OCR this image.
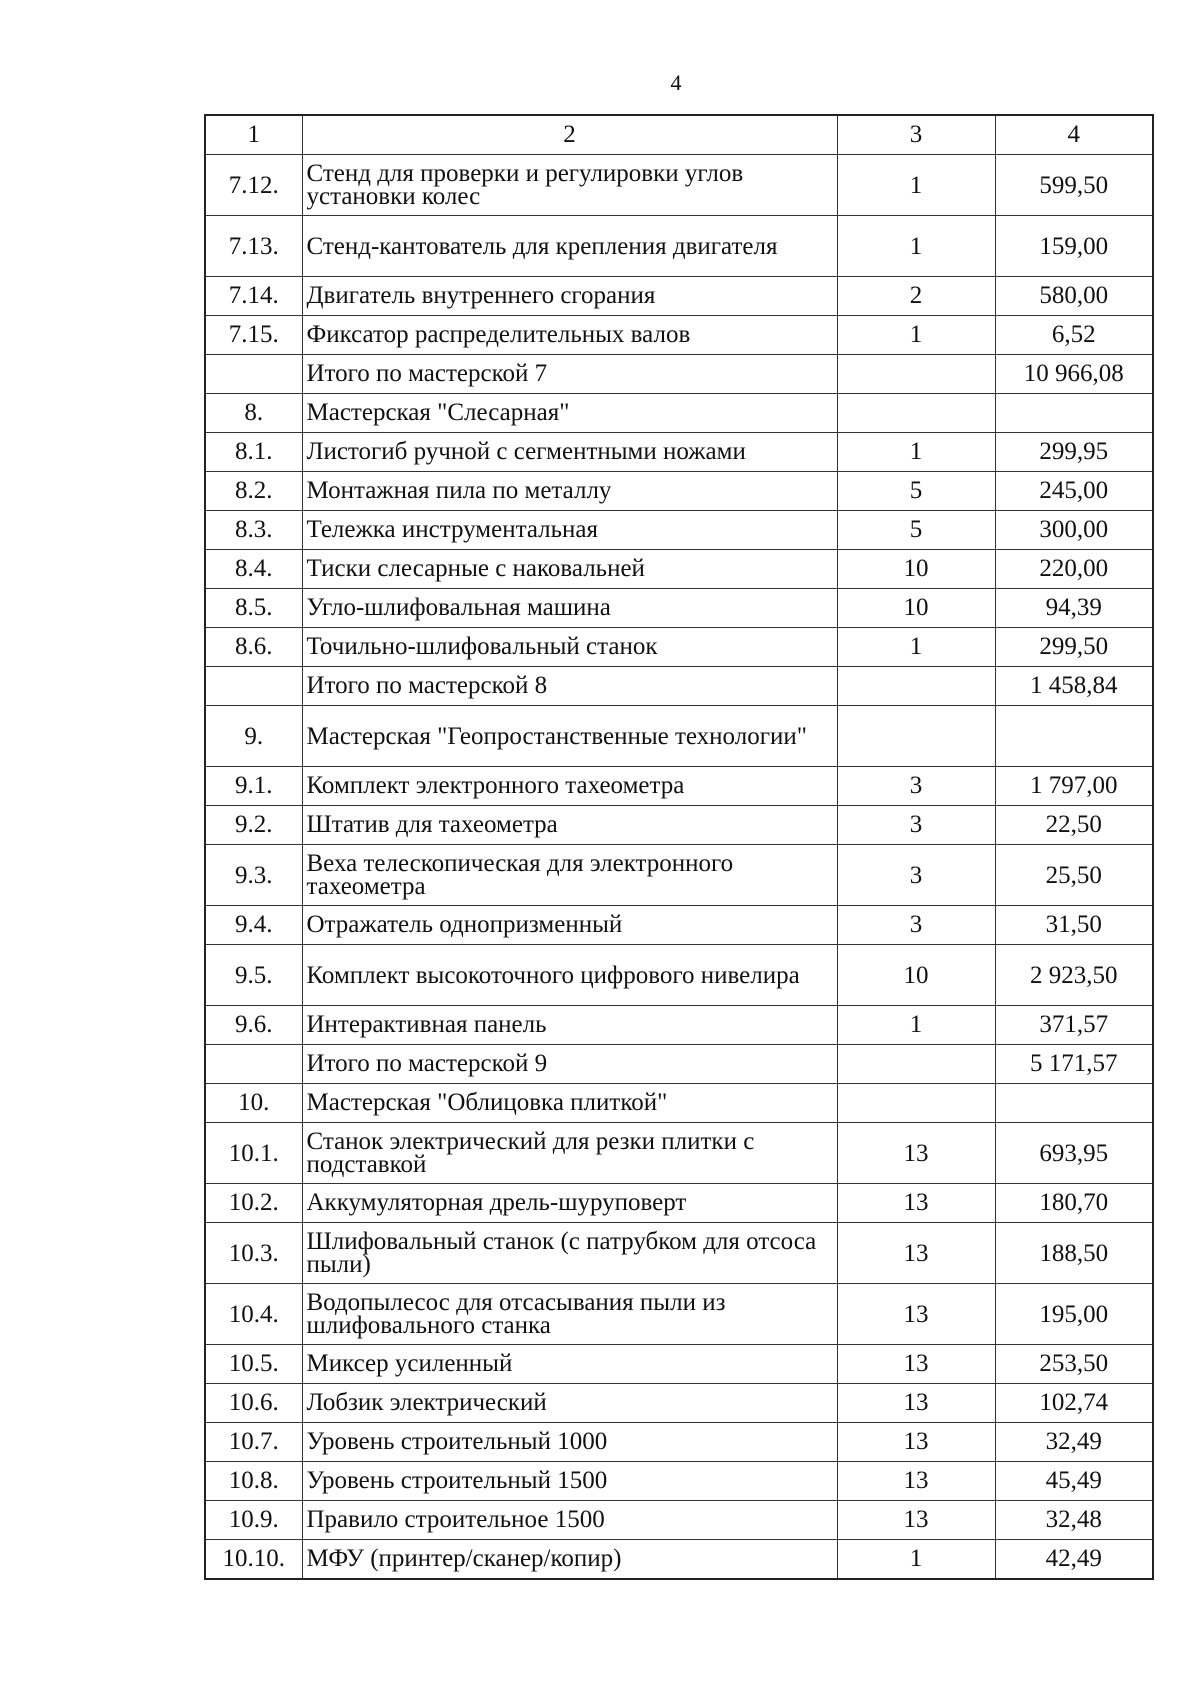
4
1	2	3	4
7.12.	Стенд для проверки и регулировки углов установки колес	1	599,50
7.13.	Стенд-кантователь для крепления двигателя	1	159,00
7.14.	Двигатель внутреннего сгорания	2	580,00
7.15.	Фиксатор распределительных валов	1	6,52
	Итого по мастерской 7		10 966,08
8.	Мастерская "Слесарная"		
8.1.	Листогиб ручной с сегментными ножами	1	299,95
8.2.	Монтажная пила по металлу	5	245,00
8.3.	Тележка инструментальная	5	300,00
8.4.	Тиски слесарные с наковальней	10	220,00
8.5.	Угло-шлифовальная машина	10	94,39
8.6.	Точильно-шлифовальный станок	1	299,50
	Итого по мастерской 8		1 458,84
9.	Мастерская "Геопростанственные технологии"		
9.1.	Комплект электронного тахеометра	3	1 797,00
9.2.	Штатив для тахеометра	3	22,50
9.3.	Веха телескопическая для электронного тахеометра	3	25,50
9.4.	Отражатель однопризменный	3	31,50
9.5.	Комплект высокоточного цифрового нивелира	10	2 923,50
9.6.	Интерактивная панель	1	371,57
	Итого по мастерской 9		5 171,57
10.	Мастерская "Облицовка плиткой"		
10.1.	Станок электрический для резки плитки с подставкой	13	693,95
10.2.	Аккумуляторная дрель-шуруповерт	13	180,70
10.3.	Шлифовальный станок (с патрубком для отсоса пыли)	13	188,50
10.4.	Водопылесос для отсасывания пыли из шлифовального станка	13	195,00
10.5.	Миксер усиленный	13	253,50
10.6.	Лобзик электрический	13	102,74
10.7.	Уровень строительный 1000	13	32,49
10.8.	Уровень строительный 1500	13	45,49
10.9.	Правило строительное 1500	13	32,48
10.10.	МФУ (принтер/сканер/копир)	1	42,49
